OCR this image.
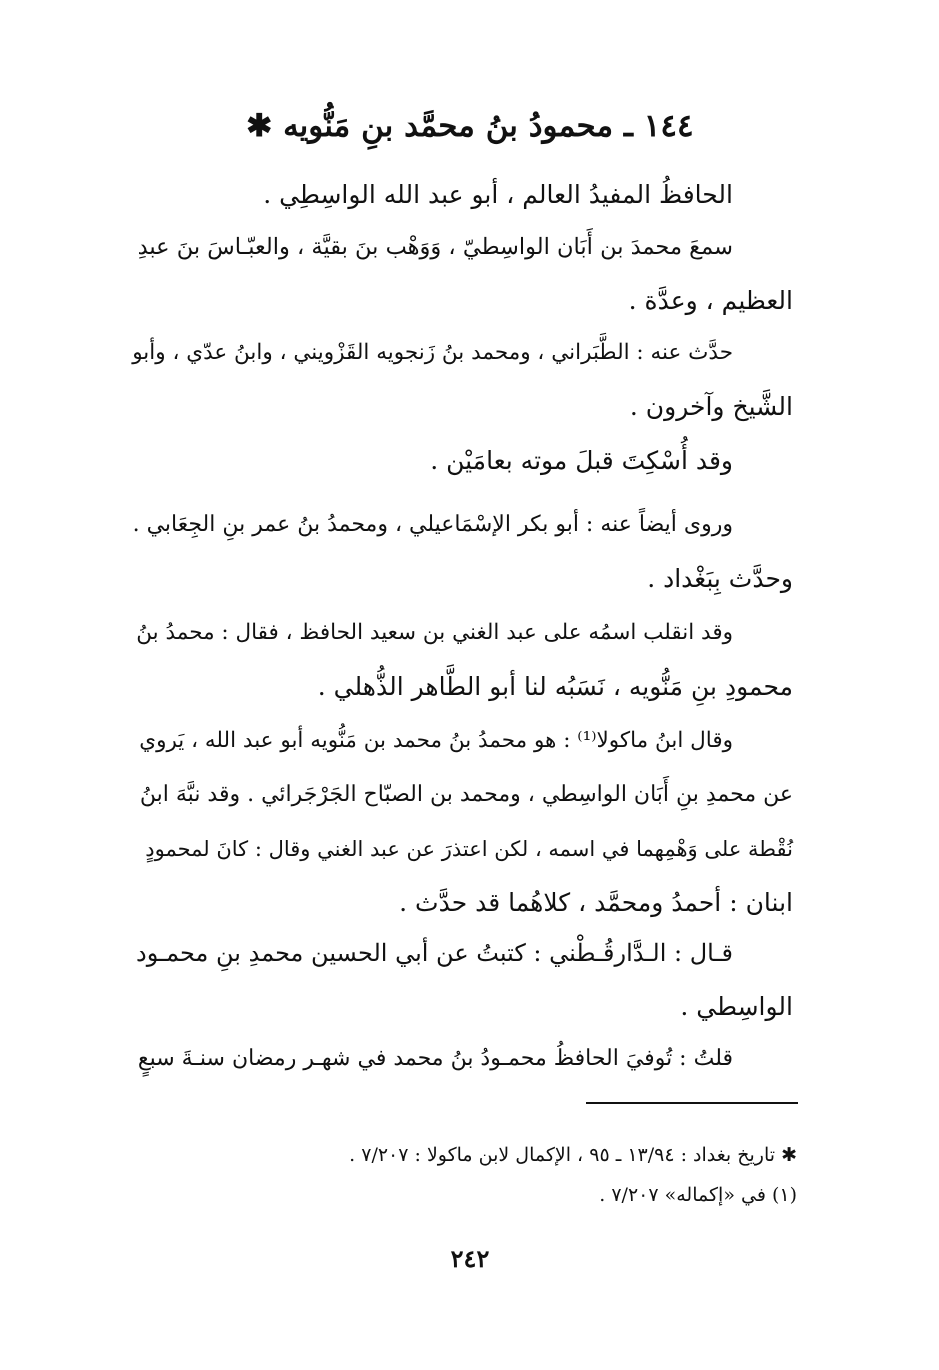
١٤٤ ـ محمودُ بنُ محمَّد بنِ مَنُّويه ✱
الحافظُ المفيدُ العالم ، أبو عبد الله الواسِطِي .
سمعَ محمدَ بن أَبَان الواسِطيّ ، وَوَهْب بنَ بقيَّة ، والعبّـاسَ بنَ عبدِ
العظيم ، وعدَّة .
حدَّث عنه : الطَّبَراني ، ومحمد بنُ زَنجويه القَزْويني ، وابنُ عدّي ، وأبو
الشَّيخ وآخرون .
وقد أُسْكِتَ قبلَ موته بعامَيْن .
وروى أيضاً عنه : أبو بكر الإسْمَاعيلي ، ومحمدُ بنُ عمر بنِ الجِعَابي .
وحدَّث بِبَغْداد .
وقد انقلب اسمُه على عبد الغني بن سعيد الحافظ ، فقال : محمدُ بنُ
محمودِ بنِ مَنُّويه ، نَسَبُه لنا أبو الطَّاهر الذُّهلي .
وقال ابنُ ماكولا⁽¹⁾ : هو محمدُ بنُ محمد بن مَنُّويه أبو عبد الله ، يَروي
عن محمدِ بنِ أَبَان الواسِطي ، ومحمد بن الصبّاح الجَرْجَرائي . وقد نبَّهَ ابنُ
نُقْطة على وَهْمِهما في اسمه ، لكن اعتذرَ عن عبد الغني وقال : كانَ لمحمودٍ
ابنان : أحمدُ ومحمَّد ، كلاهُما قد حدَّث .
قـال : الـدَّارقُـطْني : كتبتُ عن أبي الحسين محمدِ بنِ محمـود
الواسِطي .
قلتُ : تُوفيَ الحافظُ محمـودُ بنُ محمد في شهـر رمضان سنـةَ سبعٍ
✱ تاريخ بغداد : ١٣/٩٤ ـ ٩٥ ، الإكمال لابن ماكولا : ٧/٢٠٧ .
(١) في «إكماله» ٧/٢٠٧ .
٢٤٢
